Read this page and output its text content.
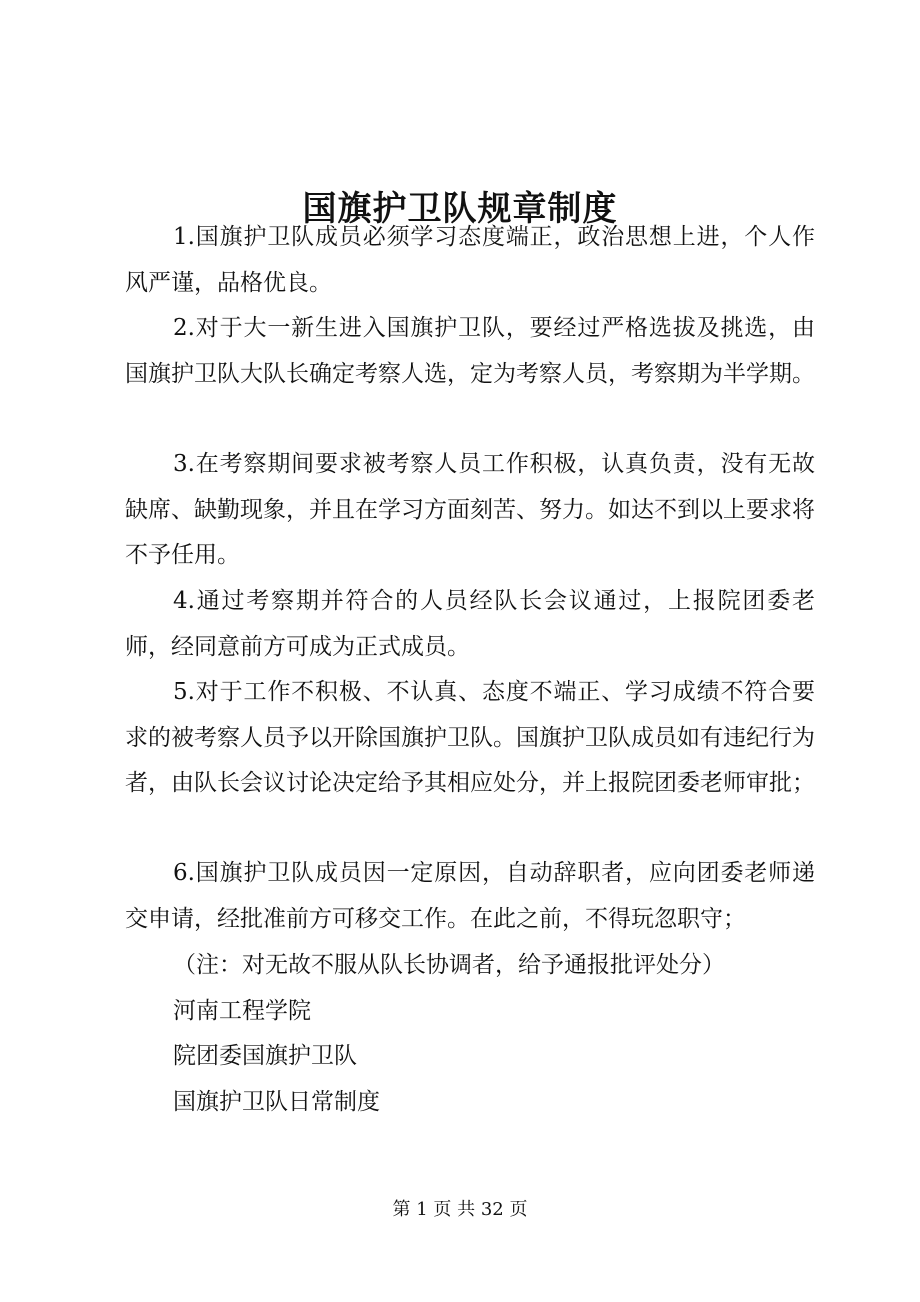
国旗护卫队规章制度

1.国旗护卫队成员必须学习态度端正，政治思想上进，个人作风严谨，品格优良。

2.对于大一新生进入国旗护卫队，要经过严格选拔及挑选，由国旗护卫队大队长确定考察人选，定为考察人员，考察期为半学期。

3.在考察期间要求被考察人员工作积极，认真负责，没有无故缺席、缺勤现象，并且在学习方面刻苦、努力。如达不到以上要求将不予任用。

4.通过考察期并符合的人员经队长会议通过，上报院团委老师，经同意前方可成为正式成员。

5.对于工作不积极、不认真、态度不端正、学习成绩不符合要求的被考察人员予以开除国旗护卫队。国旗护卫队成员如有违纪行为者，由队长会议讨论决定给予其相应处分，并上报院团委老师审批；

6.国旗护卫队成员因一定原因，自动辞职者，应向团委老师递交申请，经批准前方可移交工作。在此之前，不得玩忽职守；

（注：对无故不服从队长协调者，给予通报批评处分）

河南工程学院

院团委国旗护卫队

国旗护卫队日常制度

第 1 页 共 32 页
